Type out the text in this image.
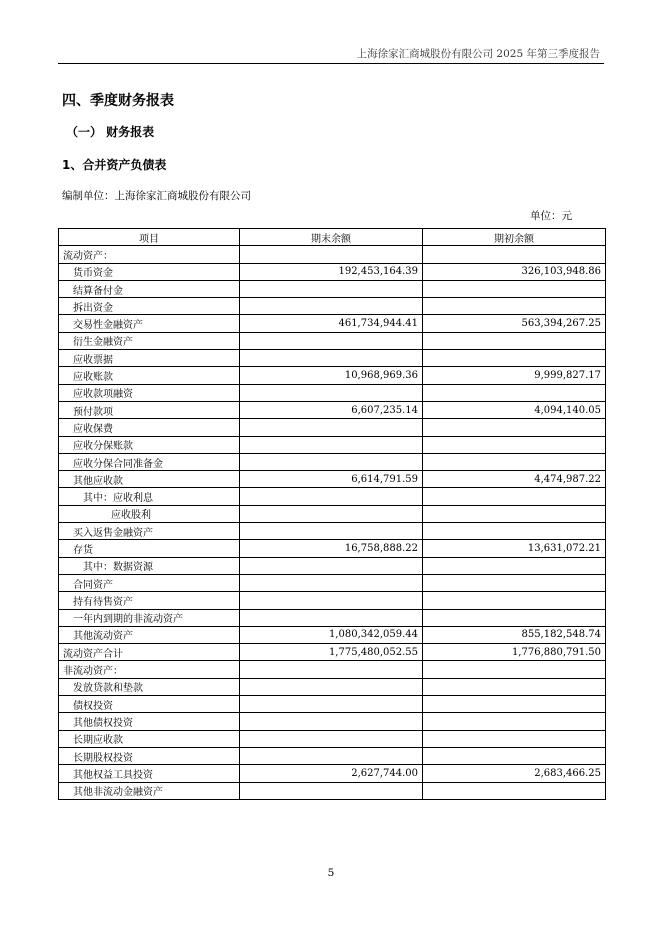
上海徐家汇商城股份有限公司 2025 年第三季度报告
四、季度财务报表
（一） 财务报表
1、合并资产负债表
编制单位：上海徐家汇商城股份有限公司
单位：元
项目	期末余额	期初余额
流动资产：		
货币资金	192,453,164.39	326,103,948.86
结算备付金		
拆出资金		
交易性金融资产	461,734,944.41	563,394,267.25
衍生金融资产		
应收票据		
应收账款	10,968,969.36	9,999,827.17
应收款项融资		
预付款项	6,607,235.14	4,094,140.05
应收保费		
应收分保账款		
应收分保合同准备金		
其他应收款	6,614,791.59	4,474,987.22
其中：应收利息		
应收股利		
买入返售金融资产		
存货	16,758,888.22	13,631,072.21
其中：数据资源		
合同资产		
持有待售资产		
一年内到期的非流动资产		
其他流动资产	1,080,342,059.44	855,182,548.74
流动资产合计	1,775,480,052.55	1,776,880,791.50
非流动资产：		
发放贷款和垫款		
债权投资		
其他债权投资		
长期应收款		
长期股权投资		
其他权益工具投资	2,627,744.00	2,683,466.25
其他非流动金融资产		
5
